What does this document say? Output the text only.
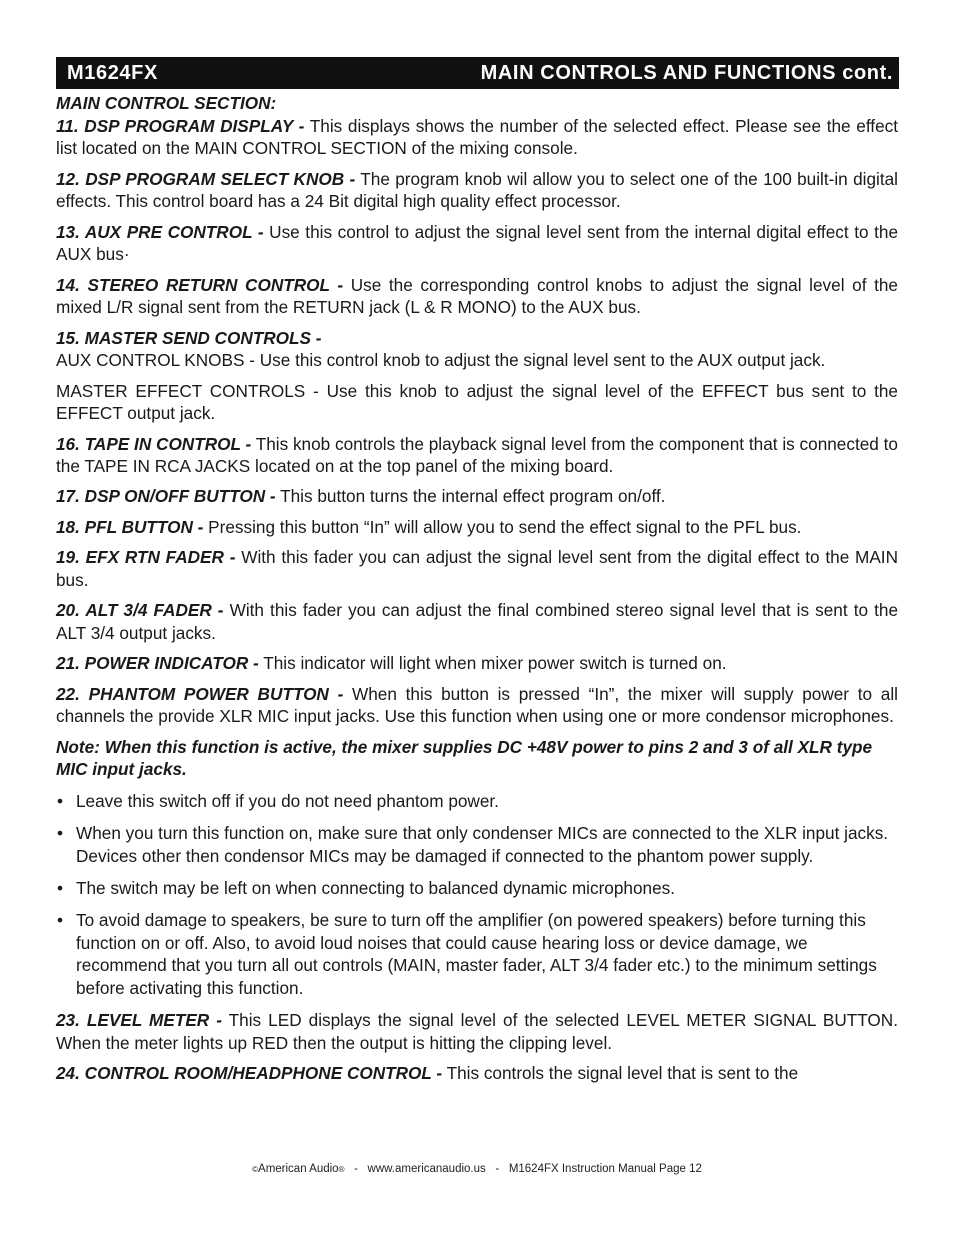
M1624FX	MAIN CONTROLS AND FUNCTIONS cont.
MAIN CONTROL SECTION:

11. DSP PROGRAM DISPLAY - This displays shows the number of the selected effect. Please see the effect list located on the MAIN CONTROL SECTION of the mixing console.

12. DSP PROGRAM SELECT KNOB - The program knob wil allow you to select one of the 100 built-in digital effects. This control board has a 24 Bit digital high quality effect processor.

13. AUX PRE CONTROL - Use this control to adjust the signal level sent from the internal digital effect to the AUX bus·

14. STEREO RETURN CONTROL - Use the corresponding control knobs to adjust the signal level of the mixed L/R signal sent from the RETURN jack (L & R MONO) to the AUX bus.

15. MASTER SEND CONTROLS -

AUX CONTROL KNOBS - Use this control knob to adjust the signal level sent to the AUX output jack.

MASTER EFFECT CONTROLS - Use this knob to adjust the signal level of the EFFECT bus sent to the EFFECT output jack.

16. TAPE IN CONTROL - This knob controls the playback signal level from the component that is connected to the TAPE IN RCA JACKS located on at the top panel of the mixing board.

17. DSP ON/OFF BUTTON - This button turns the internal effect program on/off.

18. PFL BUTTON - Pressing this button “In” will allow you to send the effect signal to the PFL bus.

19. EFX RTN FADER - With this fader you can adjust the signal level sent from the digital effect to the MAIN bus.

20. ALT 3/4 FADER - With this fader you can adjust the final combined stereo signal level that is sent to the ALT 3/4 output jacks.

21. POWER INDICATOR - This indicator will light when mixer power switch is turned on.

22. PHANTOM POWER BUTTON - When this button is pressed “In”, the mixer will supply power to all channels the provide XLR MIC input jacks. Use this function when using one or more condensor microphones.

Note: When this function is active, the mixer supplies DC +48V power to pins 2 and 3 of all XLR type MIC input jacks.

• Leave this switch off if you do not need phantom power.
• When you turn this function on, make sure that only condenser MICs are connected to the XLR input jacks. Devices other then condensor MICs may be damaged if connected to the phantom power supply.
• The switch may be left on when connecting to balanced dynamic microphones.
• To avoid damage to speakers, be sure to turn off the amplifier (on powered speakers) before turning this function on or off. Also, to avoid loud noises that could cause hearing loss or device damage, we recommend that you turn all out controls (MAIN, master fader, ALT 3/4 fader etc.) to the minimum settings before activating this function.

23. LEVEL METER - This LED displays the signal level of the selected LEVEL METER SIGNAL BUTTON. When the meter lights up RED then the output is hitting the clipping level.

24. CONTROL ROOM/HEADPHONE CONTROL - This controls the signal level that is sent to the

©American Audio® - www.americanaudio.us - M1624FX Instruction Manual Page 12
